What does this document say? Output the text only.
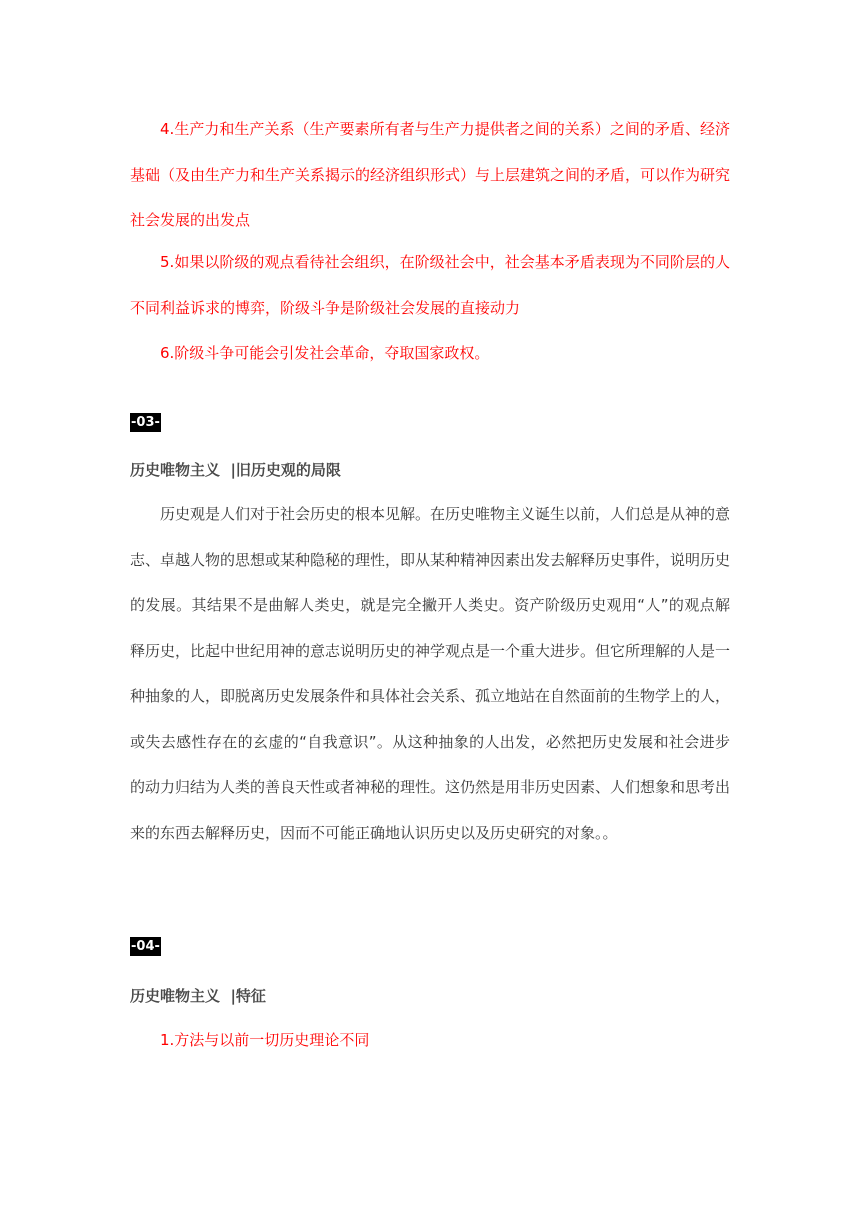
4.生产力和生产关系（生产要素所有者与生产力提供者之间的关系）之间的矛盾、经济基础（及由生产力和生产关系揭示的经济组织形式）与上层建筑之间的矛盾，可以作为研究社会发展的出发点

5.如果以阶级的观点看待社会组织，在阶级社会中，社会基本矛盾表现为不同阶层的人不同利益诉求的博弈，阶级斗争是阶级社会发展的直接动力

6.阶级斗争可能会引发社会革命，夺取国家政权。

-03-
历史唯物主义  |旧历史观的局限

历史观是人们对于社会历史的根本见解。在历史唯物主义诞生以前，人们总是从神的意志、卓越人物的思想或某种隐秘的理性，即从某种精神因素出发去解释历史事件，说明历史的发展。其结果不是曲解人类史，就是完全撇开人类史。资产阶级历史观用“人”的观点解释历史，比起中世纪用神的意志说明历史的神学观点是一个重大进步。但它所理解的人是一种抽象的人，即脱离历史发展条件和具体社会关系、孤立地站在自然面前的生物学上的人，或失去感性存在的玄虚的“自我意识”。从这种抽象的人出发，必然把历史发展和社会进步的动力归结为人类的善良天性或者神秘的理性。这仍然是用非历史因素、人们想象和思考出来的东西去解释历史，因而不可能正确地认识历史以及历史研究的对象。。

-04-
历史唯物主义  |特征

1.方法与以前一切历史理论不同
